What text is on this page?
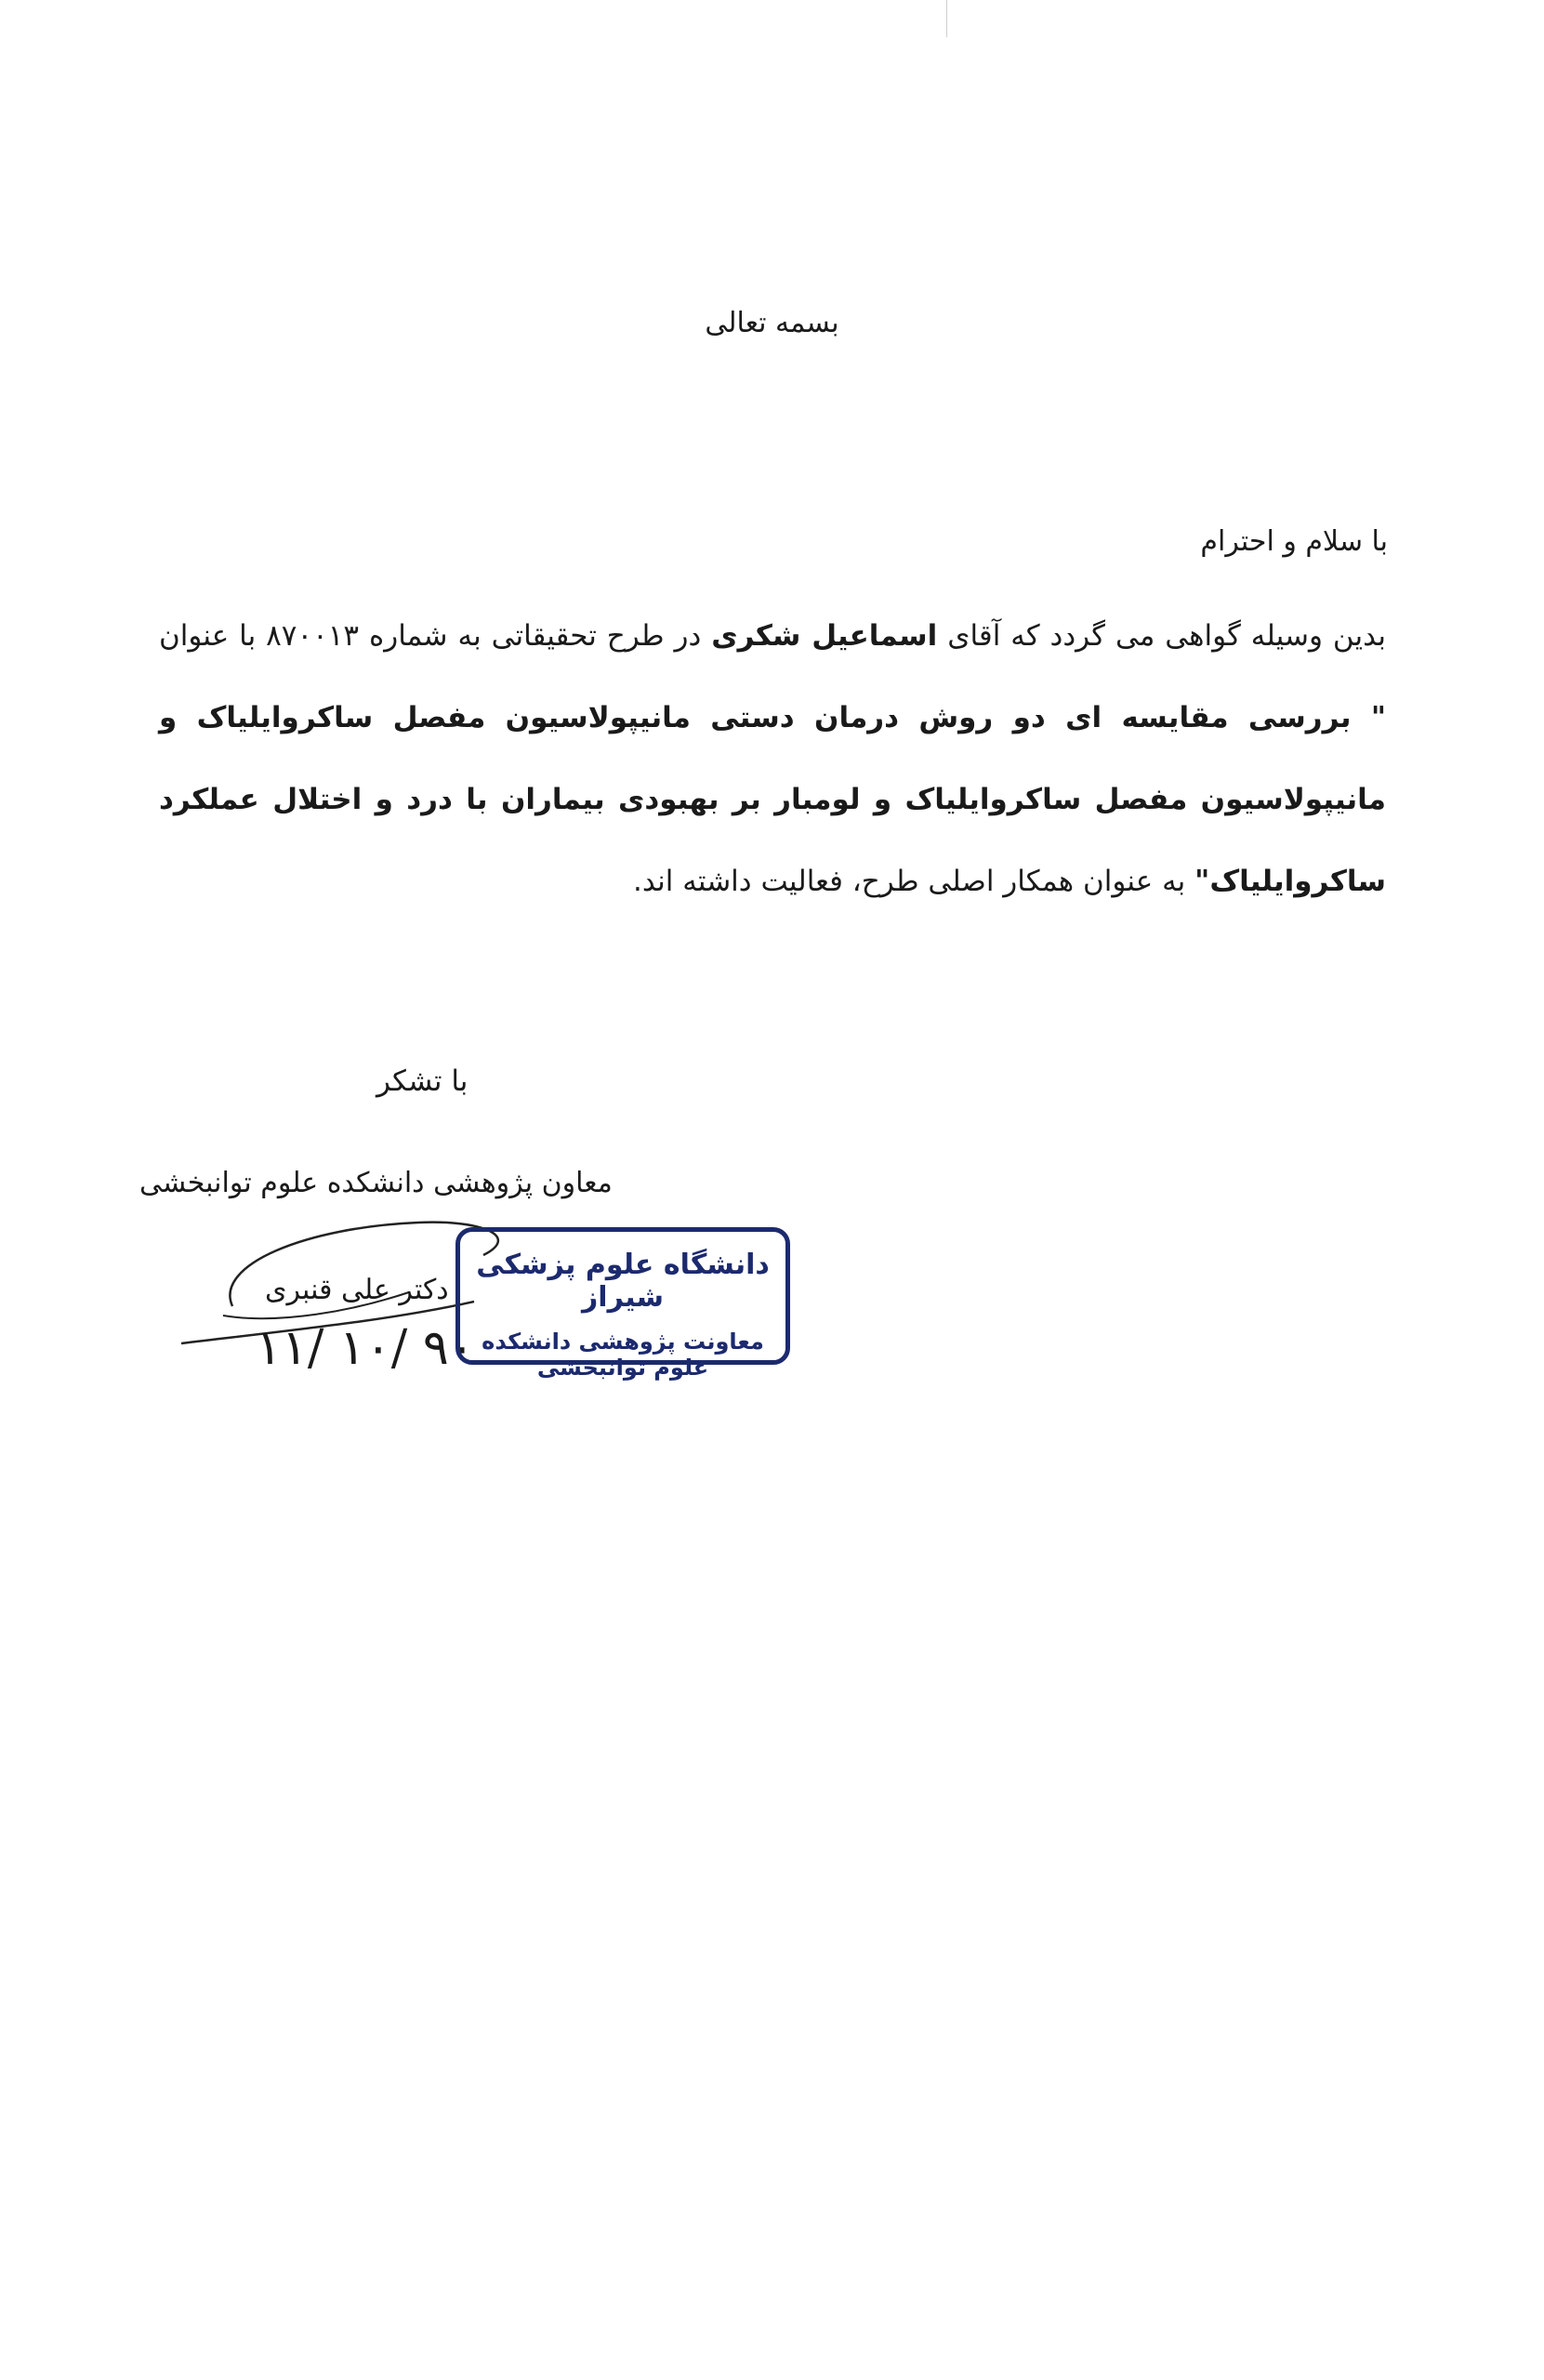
بسمه تعالی
با سلام و احترام
بدین وسیله گواهی می گردد که آقای اسماعیل شکری در طرح تحقیقاتی به شماره ۸۷۰۰۱۳ با عنوان " بررسی مقایسه ای دو روش درمان دستی مانیپولاسیون مفصل ساکروایلیاک و مانیپولاسیون مفصل ساکروایلیاک و لومبار بر بهبودی بیماران با درد و اختلال عملکرد ساکروایلیاک" به عنوان همکار اصلی طرح، فعالیت داشته اند.
با تشکر
معاون پژوهشی دانشکده علوم توانبخشی
دکتر علی قنبری
۱۱/ ۱۰/ ۹۰
دانشگاه علوم پزشکی شیراز
معاونت پژوهشی دانشکده علوم توانبخشی
